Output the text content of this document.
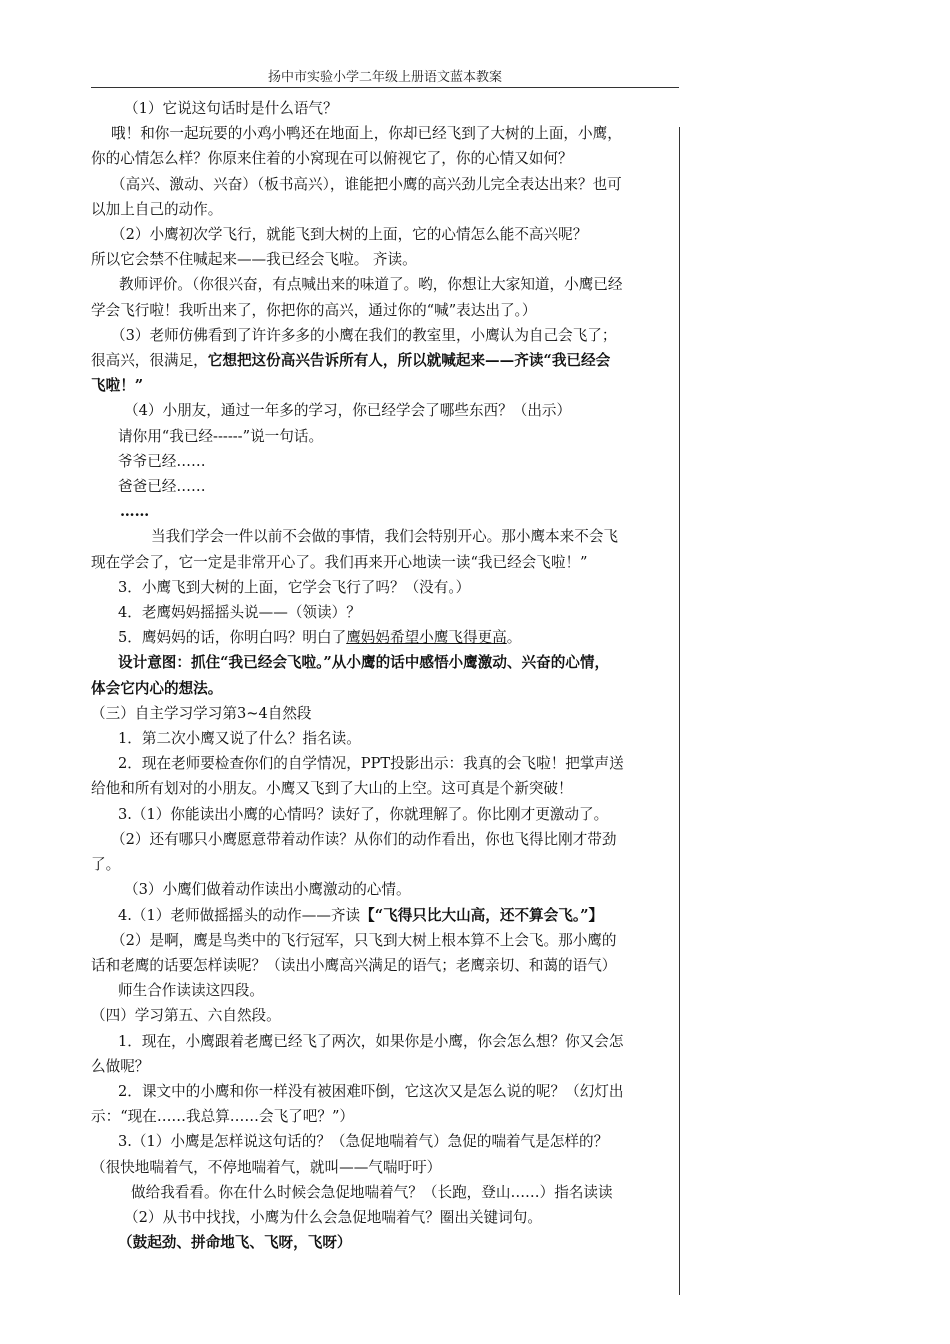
扬中市实验小学二年级上册语文蓝本教案
（1）它说这句话时是什么语气？
哦！和你一起玩要的小鸡小鸭还在地面上，你却已经飞到了大树的上面，小鹰，
你的心情怎么样？你原来住着的小窝现在可以俯视它了，你的心情又如何？
（高兴、激动、兴奋）（板书高兴），谁能把小鹰的高兴劲儿完全表达出来？也可
以加上自己的动作。
（2）小鹰初次学飞行，就能飞到大树的上面，它的心情怎么能不高兴呢？
所以它会禁不住喊起来——我已经会飞啦。 齐读。
教师评价。（你很兴奋，有点喊出来的味道了。哟，你想让大家知道，小鹰已经
学会飞行啦！我听出来了，你把你的高兴，通过你的“喊”表达出了。）
（3）老师仿佛看到了许许多多的小鹰在我们的教室里，小鹰认为自己会飞了；
很高兴，很满足，它想把这份高兴告诉所有人，所以就喊起来——齐读“我已经会
飞啦！”
（4）小朋友，通过一年多的学习，你已经学会了哪些东西？（出示）
请你用“我已经------”说一句话。
爷爷已经……
爸爸已经……
……
当我们学会一件以前不会做的事情，我们会特别开心。那小鹰本来不会飞
现在学会了，它一定是非常开心了。我们再来开心地读一读“我已经会飞啦！”
3．小鹰飞到大树的上面，它学会飞行了吗？（没有。）
4．老鹰妈妈摇摇头说——（领读）？
5．鹰妈妈的话，你明白吗？明白了鹰妈妈希望小鹰飞得更高。
设计意图：抓住“我已经会飞啦。”从小鹰的话中感悟小鹰激动、兴奋的心情，
体会它内心的想法。
（三）自主学习学习第3~4自然段
1．第二次小鹰又说了什么？指名读。
2．现在老师要检查你们的自学情况，PPT投影出示：我真的会飞啦！把掌声送
给他和所有划对的小朋友。小鹰又飞到了大山的上空。这可真是个新突破！
3.（1）你能读出小鹰的心情吗？读好了，你就理解了。你比刚才更激动了。
（2）还有哪只小鹰愿意带着动作读？从你们的动作看出，你也飞得比刚才带劲
了。
（3）小鹰们做着动作读出小鹰激动的心情。
4.（1）老师做摇摇头的动作——齐读【“飞得只比大山高，还不算会飞。”】
（2）是啊，鹰是鸟类中的飞行冠军，只飞到大树上根本算不上会飞。那小鹰的
话和老鹰的话要怎样读呢？（读出小鹰高兴满足的语气；老鹰亲切、和蔼的语气）
师生合作读读这四段。
（四）学习第五、六自然段。
1．现在，小鹰跟着老鹰已经飞了两次，如果你是小鹰，你会怎么想？你又会怎
么做呢？
2．课文中的小鹰和你一样没有被困难吓倒，它这次又是怎么说的呢？（幻灯出
示：“现在……我总算……会飞了吧？”）
3.（1）小鹰是怎样说这句话的？（急促地喘着气）急促的喘着气是怎样的？
（很快地喘着气，不停地喘着气，就叫——气喘吁吁）
做给我看看。你在什么时候会急促地喘着气？（长跑，登山……）指名读读
（2）从书中找找，小鹰为什么会急促地喘着气？圈出关键词句。
（鼓起劲、拼命地飞、飞呀，飞呀）
